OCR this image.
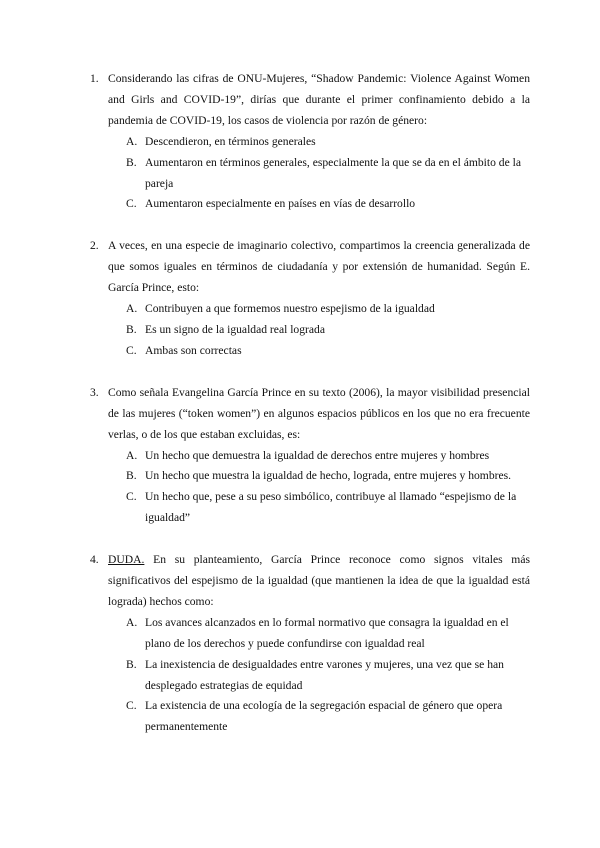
1. Considerando las cifras de ONU-Mujeres, “Shadow Pandemic: Violence Against Women and Girls and COVID-19”, dirías que durante el primer confinamiento debido a la pandemia de COVID-19, los casos de violencia por razón de género:
A. Descendieron, en términos generales
B. Aumentaron en términos generales, especialmente la que se da en el ámbito de la pareja
C. Aumentaron especialmente en países en vías de desarrollo
2. A veces, en una especie de imaginario colectivo, compartimos la creencia generalizada de que somos iguales en términos de ciudadanía y por extensión de humanidad. Según E. García Prince, esto:
A. Contribuyen a que formemos nuestro espejismo de la igualdad
B. Es un signo de la igualdad real lograda
C. Ambas son correctas
3. Como señala Evangelina García Prince en su texto (2006), la mayor visibilidad presencial de las mujeres (“token women”) en algunos espacios públicos en los que no era frecuente verlas, o de los que estaban excluidas, es:
A. Un hecho que demuestra la igualdad de derechos entre mujeres y hombres
B. Un hecho que muestra la igualdad de hecho, lograda, entre mujeres y hombres.
C. Un hecho que, pese a su peso simbólico, contribuye al llamado “espejismo de la igualdad”
4. DUDA. En su planteamiento, García Prince reconoce como signos vitales más significativos del espejismo de la igualdad (que mantienen la idea de que la igualdad está lograda) hechos como:
A. Los avances alcanzados en lo formal normativo que consagra la igualdad en el plano de los derechos y puede confundirse con igualdad real
B. La inexistencia de desigualdades entre varones y mujeres, una vez que se han desplegado estrategias de equidad
C. La existencia de una ecología de la segregación espacial de género que opera permanentemente
